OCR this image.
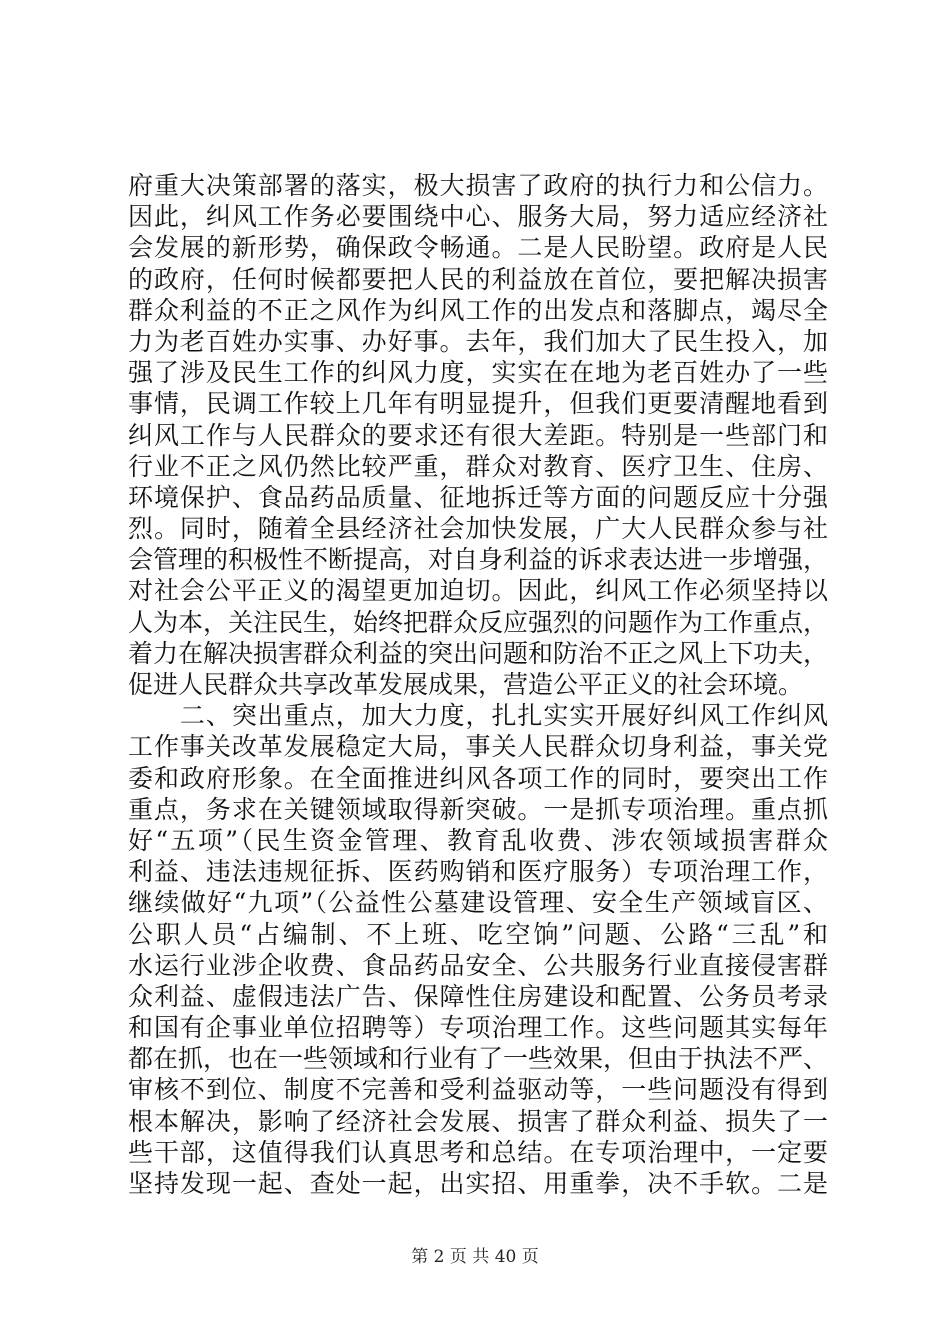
府重大决策部署的落实，极大损害了政府的执行力和公信力。
因此，纠风工作务必要围绕中心、服务大局，努力适应经济社
会发展的新形势，确保政令畅通。二是人民盼望。政府是人民
的政府，任何时候都要把人民的利益放在首位，要把解决损害
群众利益的不正之风作为纠风工作的出发点和落脚点，竭尽全
力为老百姓办实事、办好事。去年，我们加大了民生投入，加
强了涉及民生工作的纠风力度，实实在在地为老百姓办了一些
事情，民调工作较上几年有明显提升，但我们更要清醒地看到
纠风工作与人民群众的要求还有很大差距。特别是一些部门和
行业不正之风仍然比较严重，群众对教育、医疗卫生、住房、
环境保护、食品药品质量、征地拆迁等方面的问题反应十分强
烈。同时，随着全县经济社会加快发展，广大人民群众参与社
会管理的积极性不断提高，对自身利益的诉求表达进一步增强，
对社会公平正义的渴望更加迫切。因此，纠风工作必须坚持以
人为本，关注民生，始终把群众反应强烈的问题作为工作重点，
着力在解决损害群众利益的突出问题和防治不正之风上下功夫，
促进人民群众共享改革发展成果，营造公平正义的社会环境。
　　二、突出重点，加大力度，扎扎实实开展好纠风工作纠风
工作事关改革发展稳定大局，事关人民群众切身利益，事关党
委和政府形象。在全面推进纠风各项工作的同时，要突出工作
重点，务求在关键领域取得新突破。一是抓专项治理。重点抓
好“五项”（民生资金管理、教育乱收费、涉农领域损害群众
利益、违法违规征拆、医药购销和医疗服务）专项治理工作，
继续做好“九项”（公益性公墓建设管理、安全生产领域盲区、
公职人员“占编制、不上班、吃空饷”问题、公路“三乱”和
水运行业涉企收费、食品药品安全、公共服务行业直接侵害群
众利益、虚假违法广告、保障性住房建设和配置、公务员考录
和国有企事业单位招聘等）专项治理工作。这些问题其实每年
都在抓，也在一些领域和行业有了一些效果，但由于执法不严、
审核不到位、制度不完善和受利益驱动等，一些问题没有得到
根本解决，影响了经济社会发展、损害了群众利益、损失了一
些干部，这值得我们认真思考和总结。在专项治理中，一定要
坚持发现一起、查处一起，出实招、用重拳，决不手软。二是
第 2 页 共 40 页
